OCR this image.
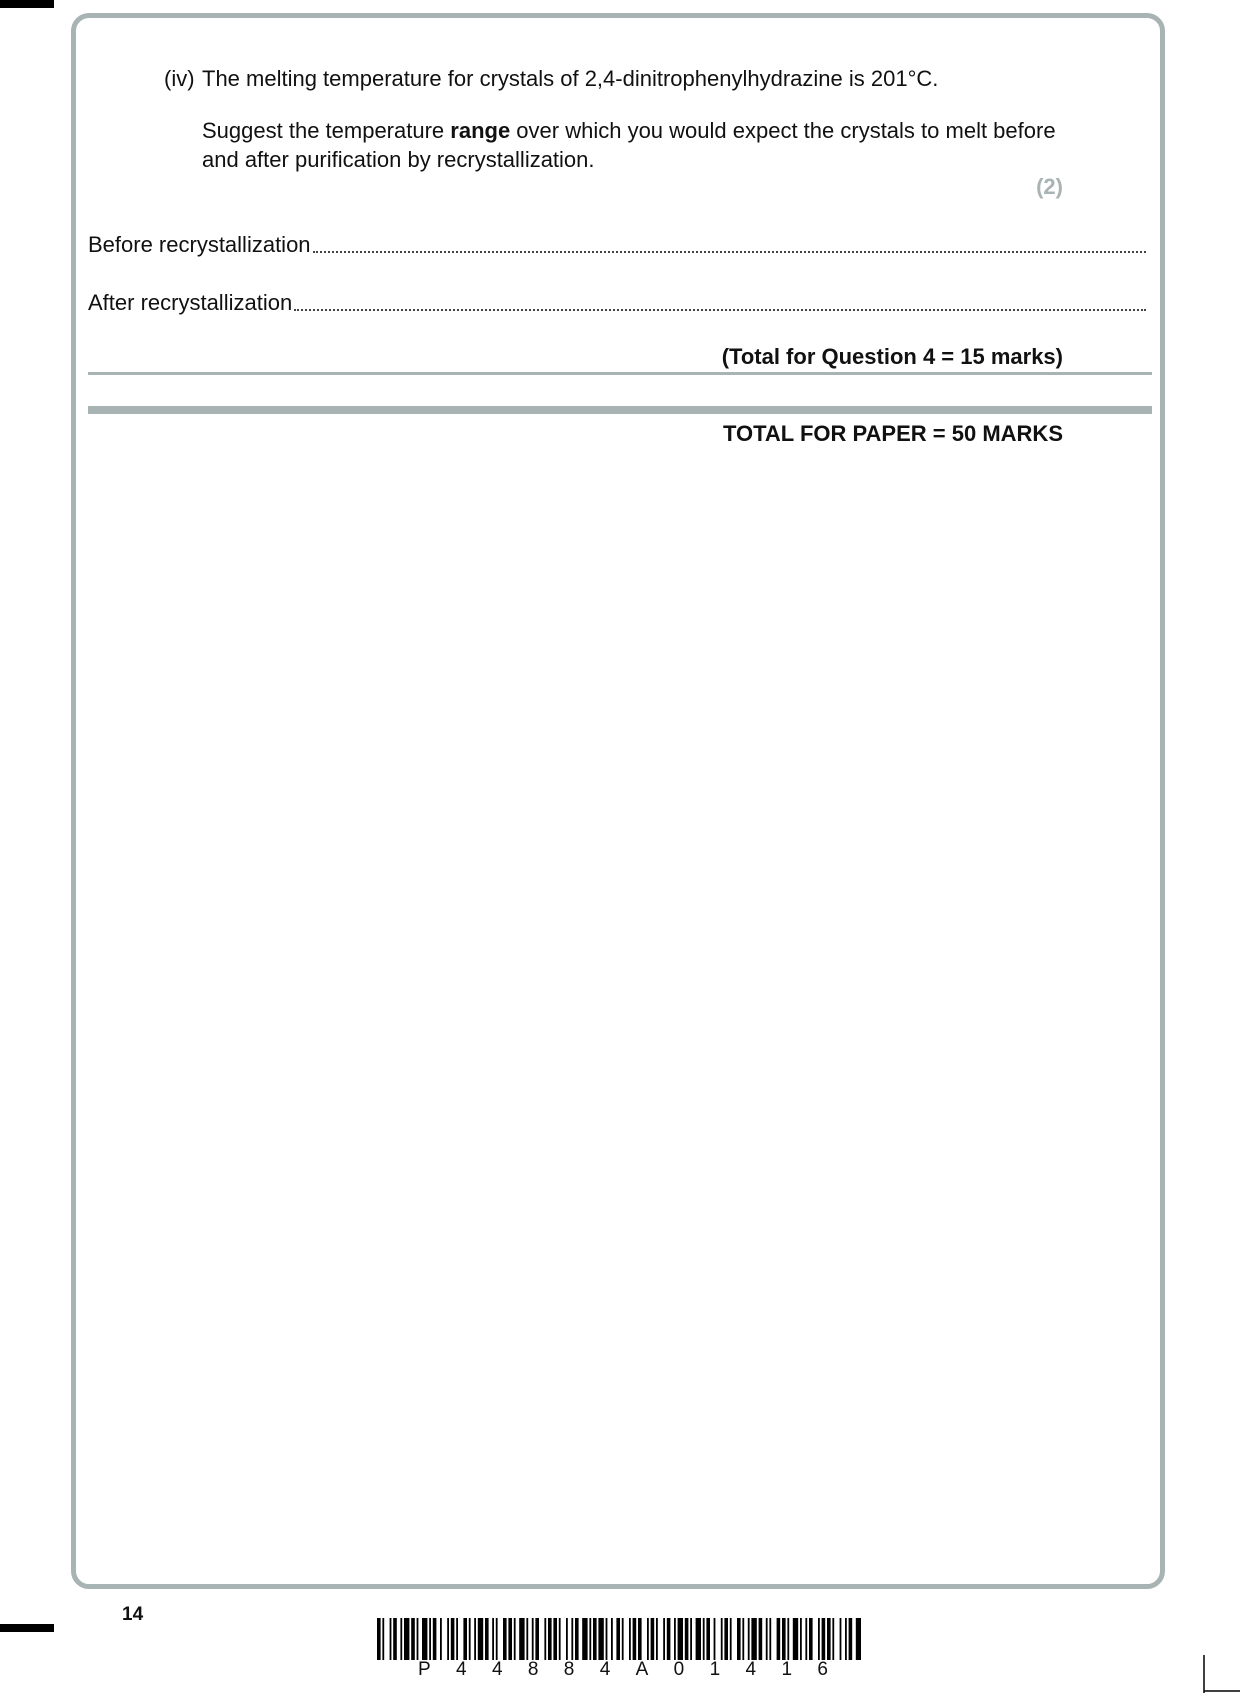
(iv) The melting temperature for crystals of 2,4-dinitrophenylhydrazine is 201°C.
Suggest the temperature range over which you would expect the crystals to melt before and after purification by recrystallization.
(2)
Before recrystallization
After recrystallization
(Total for Question 4 = 15 marks)
TOTAL FOR PAPER = 50 MARKS
14
P 4 4 8 8 4 A 0 1 4 1 6
